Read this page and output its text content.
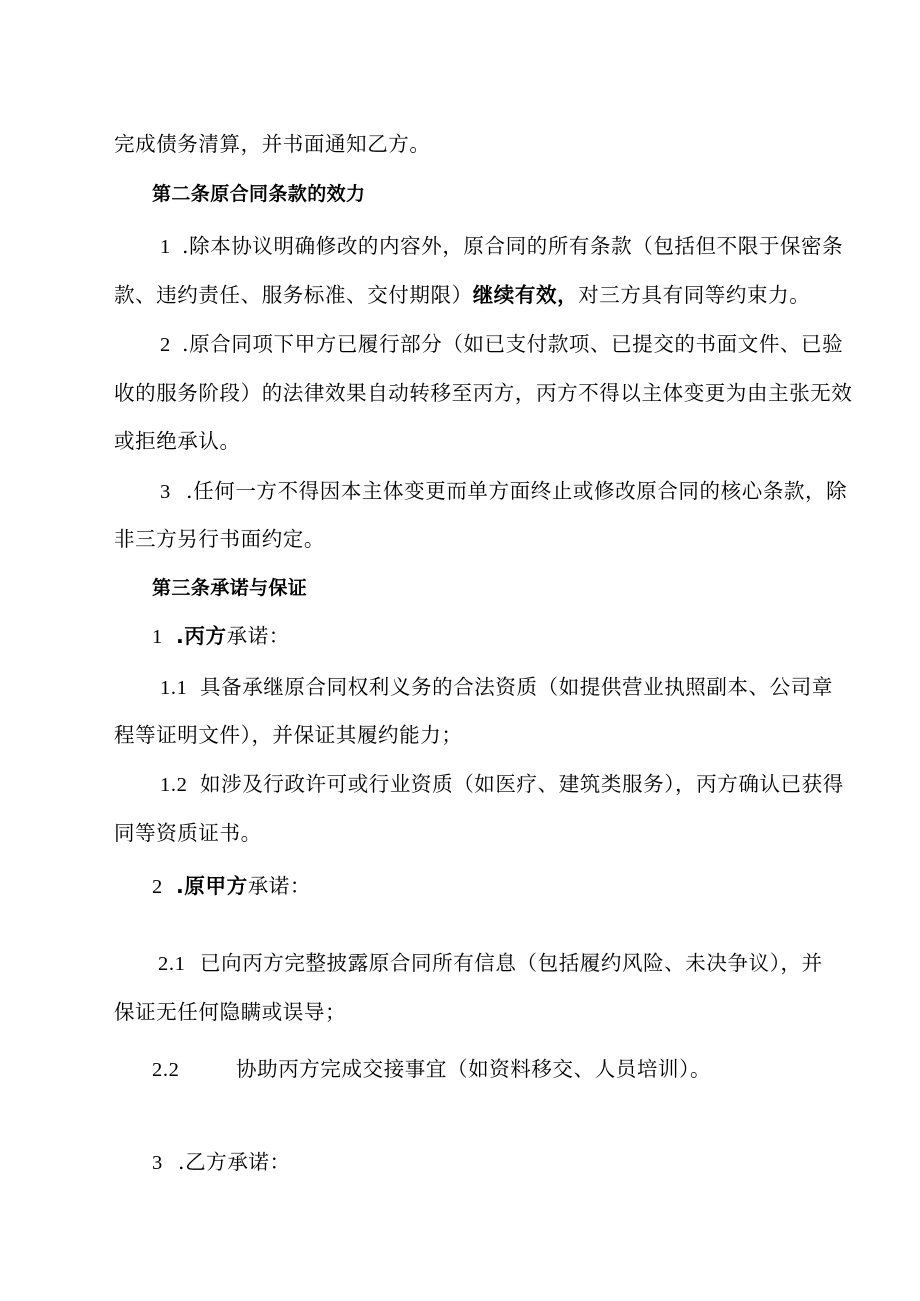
完成债务清算，并书面通知乙方。
第二条原合同条款的效力
1 .除本协议明确修改的内容外，原合同的所有条款（包括但不限于保密条
款、违约责任、服务标准、交付期限）继续有效，对三方具有同等约束力。
2 .原合同项下甲方已履行部分（如已支付款项、已提交的书面文件、已验
收的服务阶段）的法律效果自动转移至丙方，丙方不得以主体变更为由主张无效
或拒绝承认。
3 .任何一方不得因本主体变更而单方面终止或修改原合同的核心条款，除
非三方另行书面约定。
第三条承诺与保证
1 .丙方承诺：
1.1 具备承继原合同权利义务的合法资质（如提供营业执照副本、公司章
程等证明文件），并保证其履约能力；
1.2 如涉及行政许可或行业资质（如医疗、建筑类服务），丙方确认已获得
同等资质证书。
2 .原甲方承诺：
2.1 已向丙方完整披露原合同所有信息（包括履约风险、未决争议），并
保证无任何隐瞒或误导；
2.2	协助丙方完成交接事宜（如资料移交、人员培训）。
3 .乙方承诺：
